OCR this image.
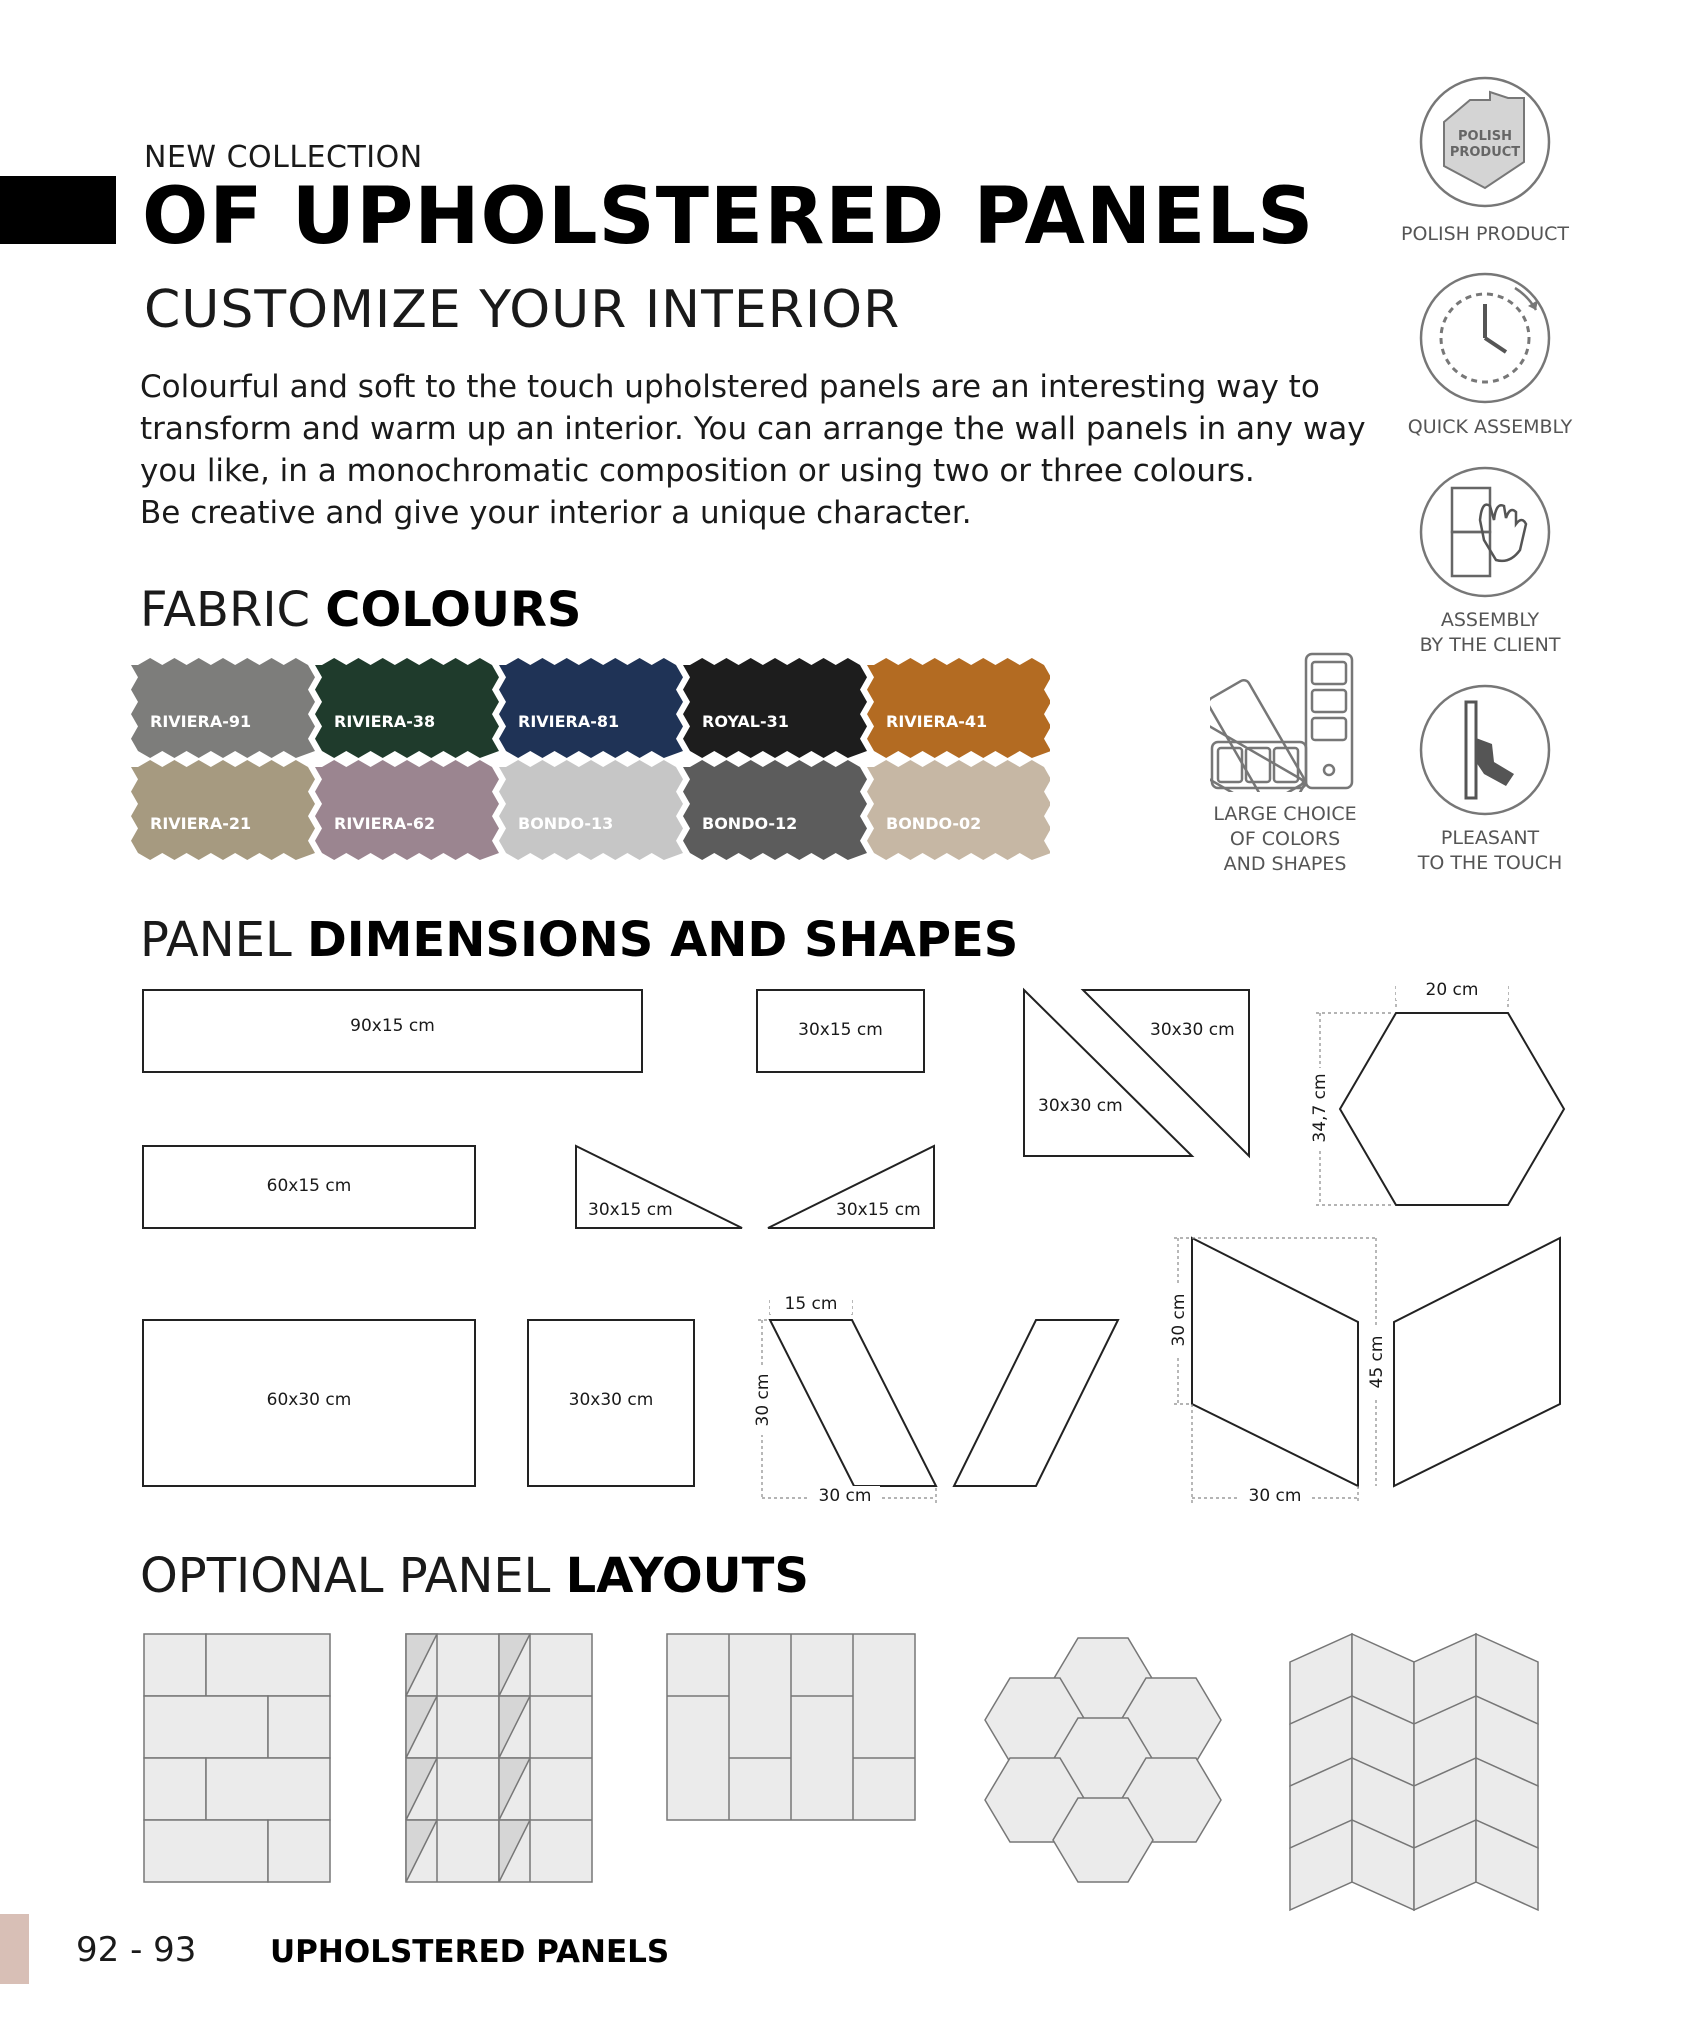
NEW COLLECTION
OF UPHOLSTERED PANELS
CUSTOMIZE YOUR INTERIOR
Colourful and soft to the touch upholstered panels are an interesting way to
transform and warm up an interior. You can arrange the wall panels in any way
you like, in a monochromatic composition or using two or three colours.
Be creative and give your interior a unique character.
POLISH
PRODUCT
POLISH PRODUCT
QUICK ASSEMBLY
ASSEMBLY
BY THE CLIENT
PLEASANT
TO THE TOUCH
LARGE CHOICE
OF COLORS
AND SHAPES
FABRIC COLOURS
RIVIERA-91	RIVIERA-38	RIVIERA-81	ROYAL-31	RIVIERA-41
RIVIERA-21	RIVIERA-62	BONDO-13	BONDO-12	BONDO-02
PANEL DIMENSIONS AND SHAPES
90x15 cm	30x15 cm	30x30 cm
30x30 cm
20 cm
34,7 cm
60x15 cm
30x15 cm	30x15 cm
60x30 cm	30x30 cm
15 cm
30 cm
30 cm
30 cm
45 cm
30 cm
OPTIONAL PANEL LAYOUTS
92 - 93 UPHOLSTERED PANELS
